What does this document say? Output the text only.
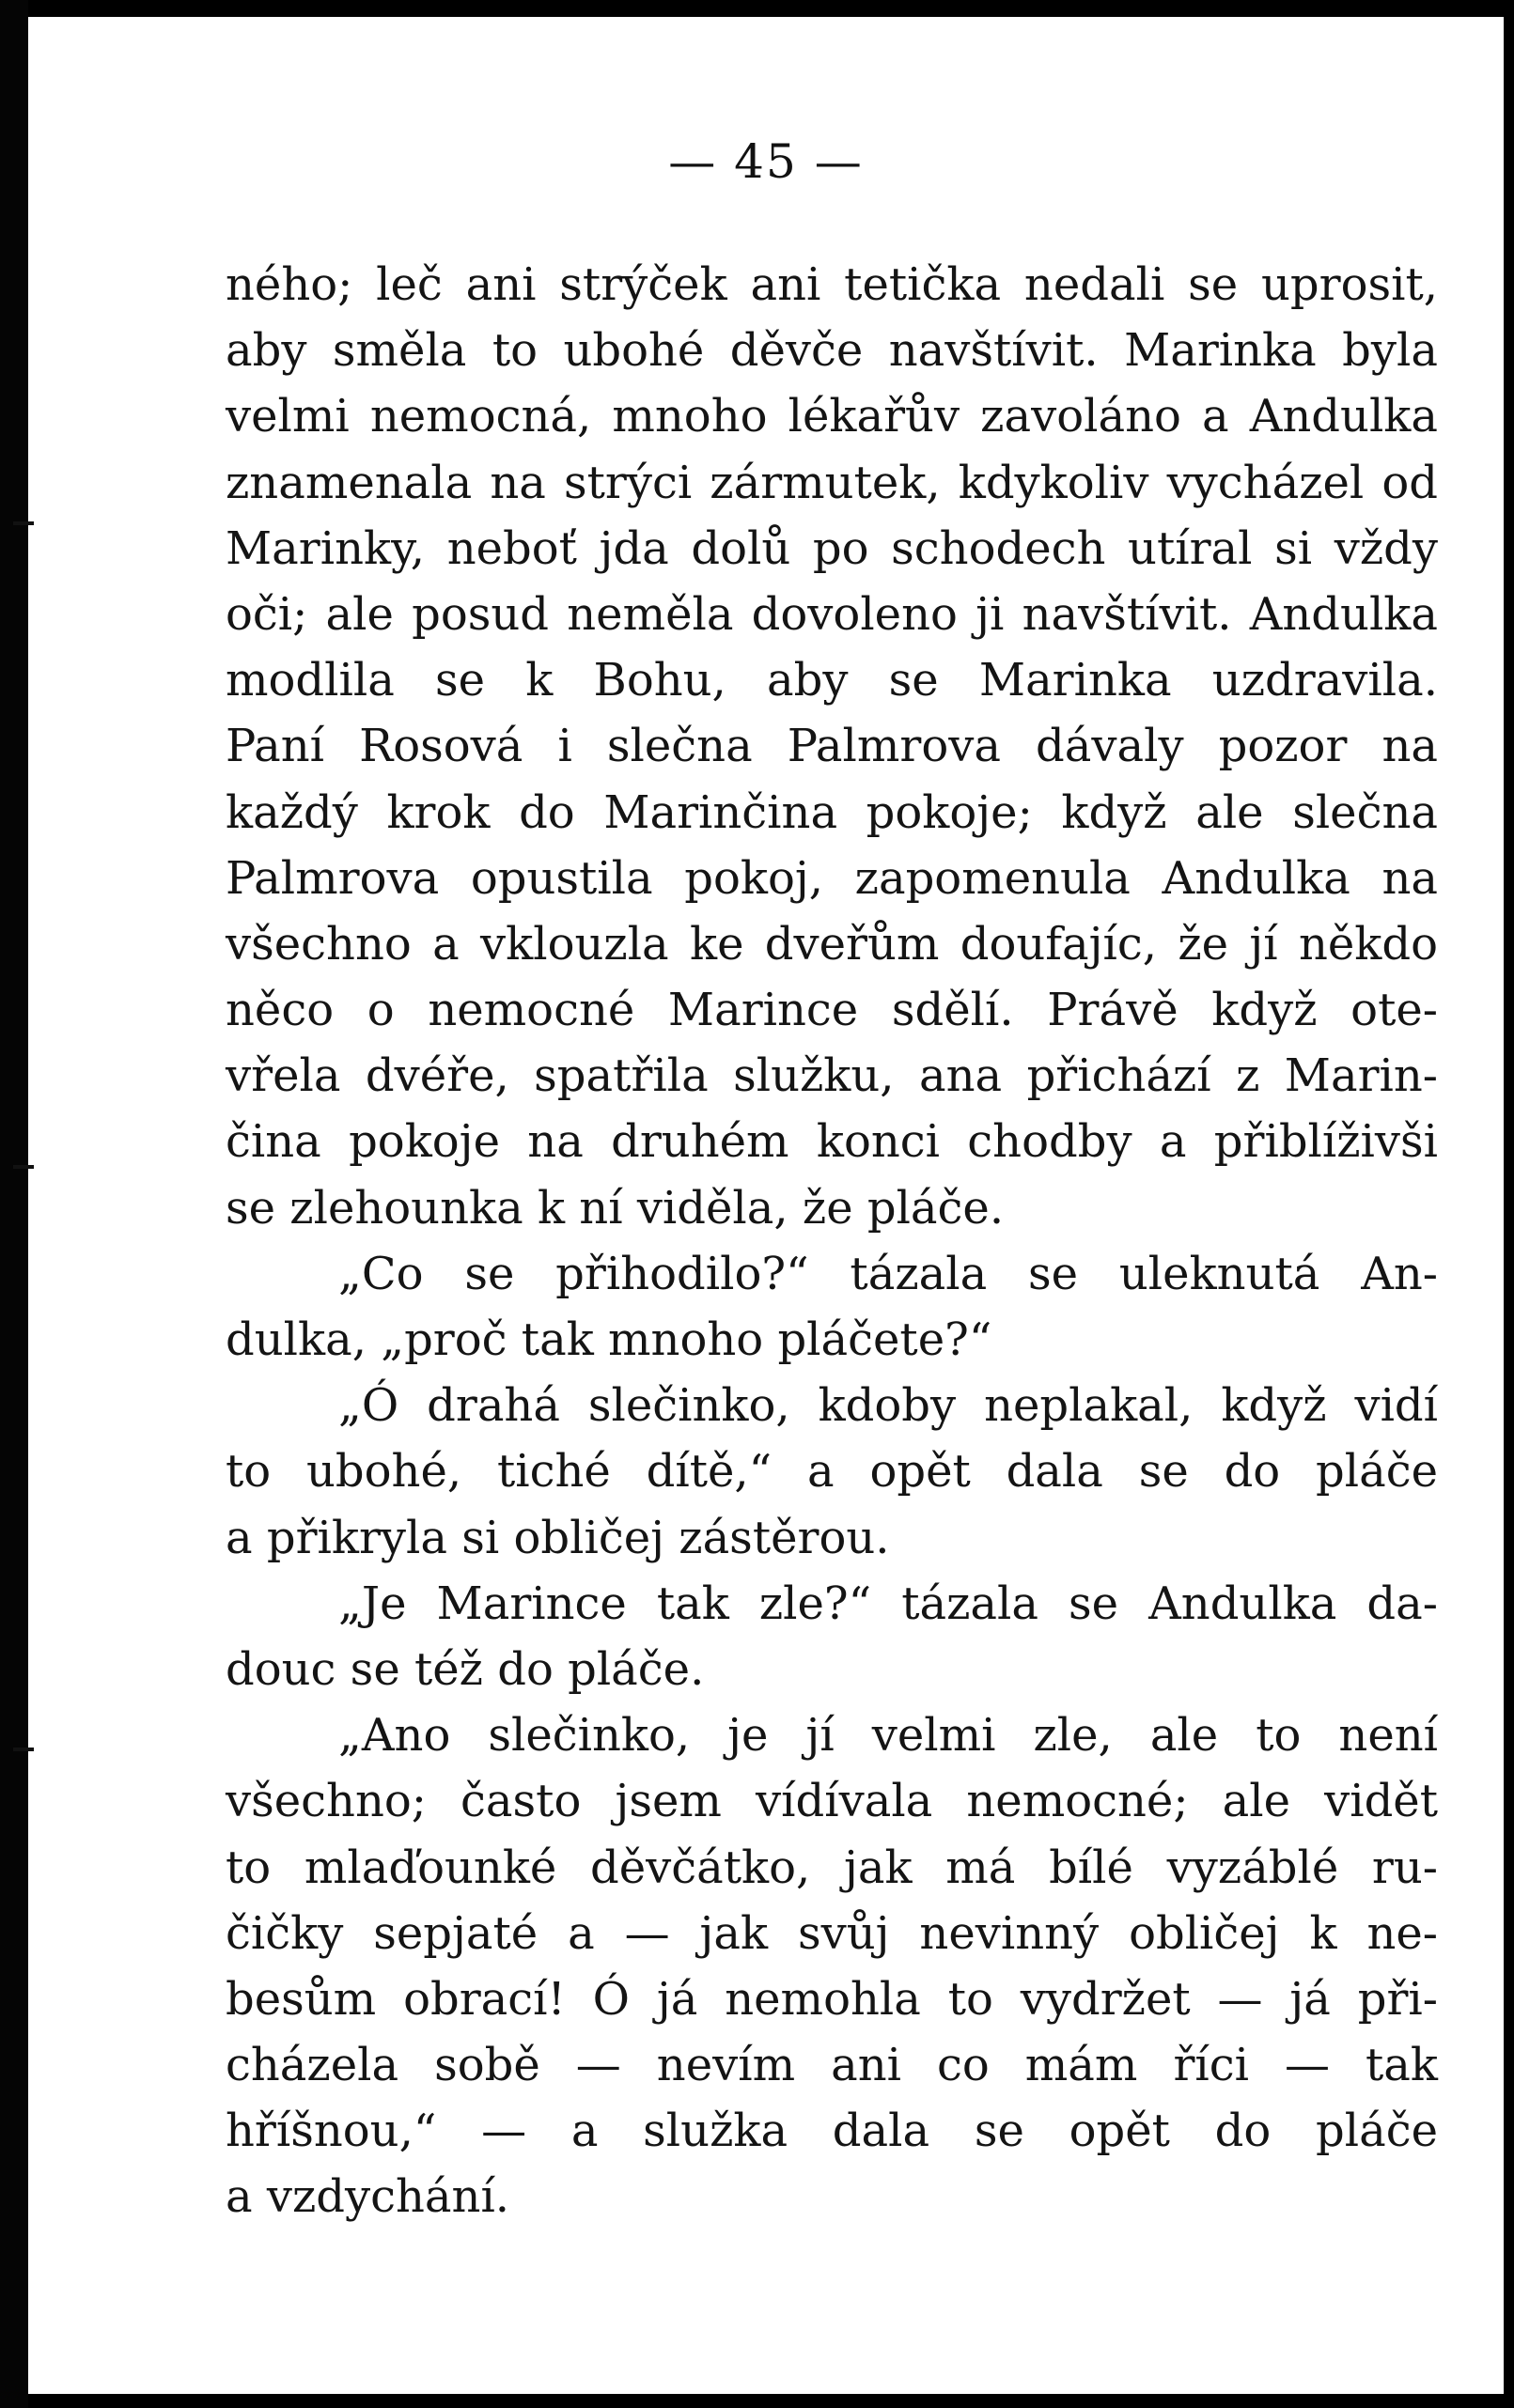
— 45 —
ného; leč ani strýček ani tetička nedali se uprosit,
aby směla to ubohé děvče navštívit. Marinka byla
velmi nemocná, mnoho lékařův zavoláno a Andulka
znamenala na strýci zármutek, kdykoliv vycházel od
Marinky, neboť jda dolů po schodech utíral si vždy
oči; ale posud neměla dovoleno ji navštívit. Andulka
modlila se k Bohu, aby se Marinka uzdravila.
Paní Rosová i slečna Palmrova dávaly pozor na
každý krok do Marinčina pokoje; když ale slečna
Palmrova opustila pokoj, zapomenula Andulka na
všechno a vklouzla ke dveřům doufajíc, že jí někdo
něco o nemocné Marince sdělí. Právě když ote-
vřela dvéře, spatřila služku, ana přichází z Marin-
čina pokoje na druhém konci chodby a přiblíživši
se zlehounka k ní viděla, že pláče.
„Co se přihodilo?“ tázala se uleknutá An-
dulka, „proč tak mnoho pláčete?“
„Ó drahá slečinko, kdoby neplakal, když vidí
to ubohé, tiché dítě,“ a opět dala se do pláče
a přikryla si obličej zástěrou.
„Je Marince tak zle?“ tázala se Andulka da-
douc se též do pláče.
„Ano slečinko, je jí velmi zle, ale to není
všechno; často jsem vídívala nemocné; ale vidět
to mlaďounké děvčátko, jak má bílé vyzáblé ru-
čičky sepjaté a — jak svůj nevinný obličej k ne-
besům obrací! Ó já nemohla to vydržet — já při-
cházela sobě — nevím ani co mám říci — tak
hříšnou,“ — a služka dala se opět do pláče
a vzdychání.
